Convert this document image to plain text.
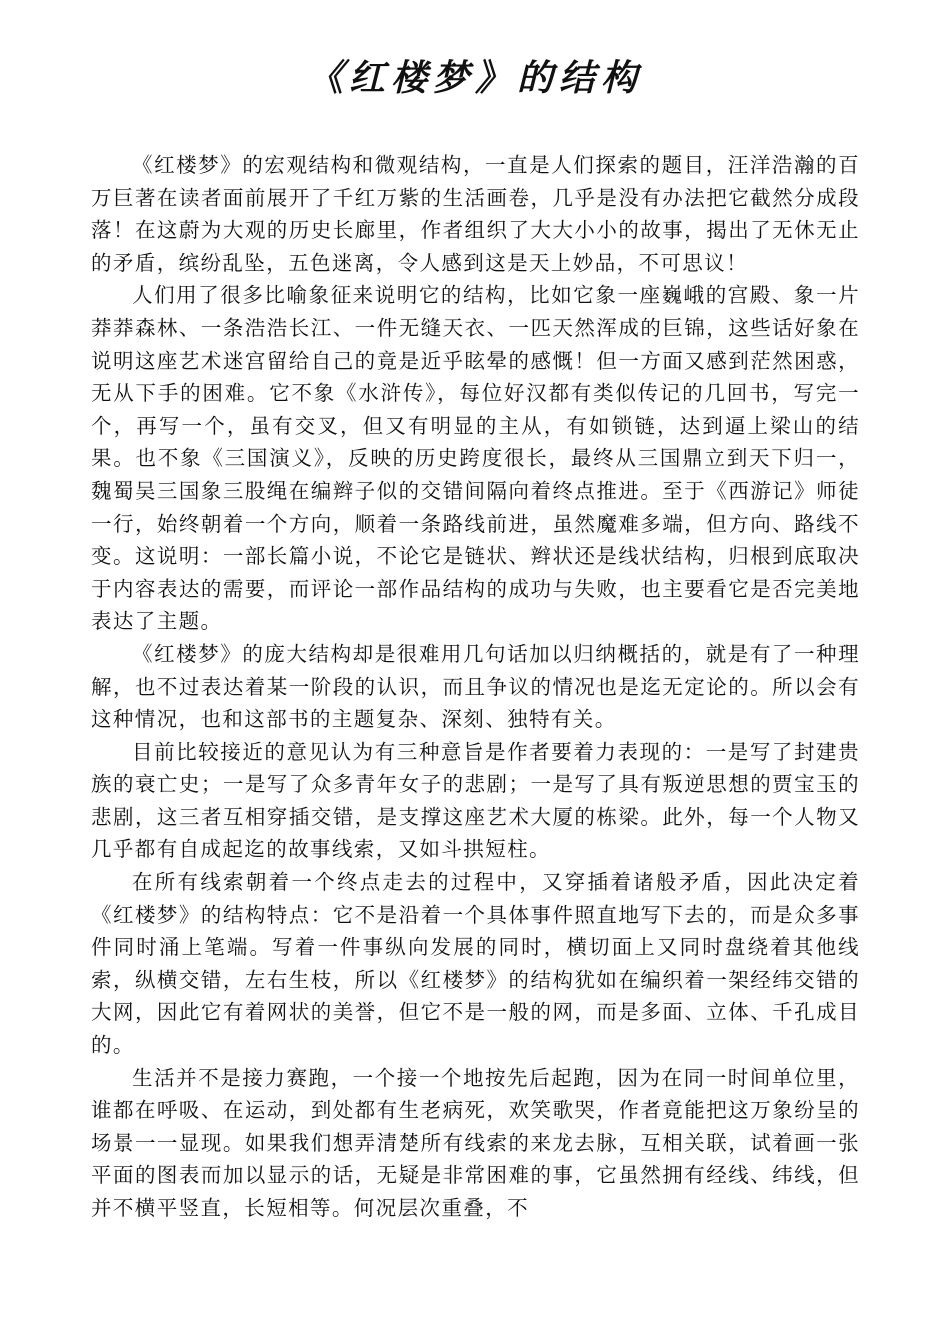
《红楼梦》的结构

《红楼梦》的宏观结构和微观结构，一直是人们探索的题目，汪洋浩瀚的百万巨著在读者面前展开了千红万紫的生活画卷，几乎是没有办法把它截然分成段落！在这蔚为大观的历史长廊里，作者组织了大大小小的故事，揭出了无休无止的矛盾，缤纷乱坠，五色迷离，令人感到这是天上妙品，不可思议！

人们用了很多比喻象征来说明它的结构，比如它象一座巍峨的宫殿、象一片莽莽森林、一条浩浩长江、一件无缝天衣、一匹天然浑成的巨锦，这些话好象在说明这座艺术迷宫留给自己的竟是近乎眩晕的感慨！但一方面又感到茫然困惑，无从下手的困难。它不象《水浒传》，每位好汉都有类似传记的几回书，写完一个，再写一个，虽有交叉，但又有明显的主从，有如锁链，达到逼上梁山的结果。也不象《三国演义》，反映的历史跨度很长，最终从三国鼎立到天下归一，魏蜀吴三国象三股绳在编辫子似的交错间隔向着终点推进。至于《西游记》师徒一行，始终朝着一个方向，顺着一条路线前进，虽然魔难多端，但方向、路线不变。这说明：一部长篇小说，不论它是链状、辫状还是线状结构，归根到底取决于内容表达的需要，而评论一部作品结构的成功与失败，也主要看它是否完美地表达了主题。

《红楼梦》的庞大结构却是很难用几句话加以归纳概括的，就是有了一种理解，也不过表达着某一阶段的认识，而且争议的情况也是迄无定论的。所以会有这种情况，也和这部书的主题复杂、深刻、独特有关。

目前比较接近的意见认为有三种意旨是作者要着力表现的：一是写了封建贵族的衰亡史；一是写了众多青年女子的悲剧；一是写了具有叛逆思想的贾宝玉的悲剧，这三者互相穿插交错，是支撑这座艺术大厦的栋梁。此外，每一个人物又几乎都有自成起迄的故事线索，又如斗拱短柱。

在所有线索朝着一个终点走去的过程中，又穿插着诸般矛盾，因此决定着《红楼梦》的结构特点：它不是沿着一个具体事件照直地写下去的，而是众多事件同时涌上笔端。写着一件事纵向发展的同时，横切面上又同时盘绕着其他线索，纵横交错，左右生枝，所以《红楼梦》的结构犹如在编织着一架经纬交错的大网，因此它有着网状的美誉，但它不是一般的网，而是多面、立体、千孔成目的。

生活并不是接力赛跑，一个接一个地按先后起跑，因为在同一时间单位里，谁都在呼吸、在运动，到处都有生老病死，欢笑歌哭，作者竟能把这万象纷呈的场景一一显现。如果我们想弄清楚所有线索的来龙去脉，互相关联，试着画一张平面的图表而加以显示的话，无疑是非常困难的事，它虽然拥有经线、纬线，但并不横平竖直，长短相等。何况层次重叠，不
